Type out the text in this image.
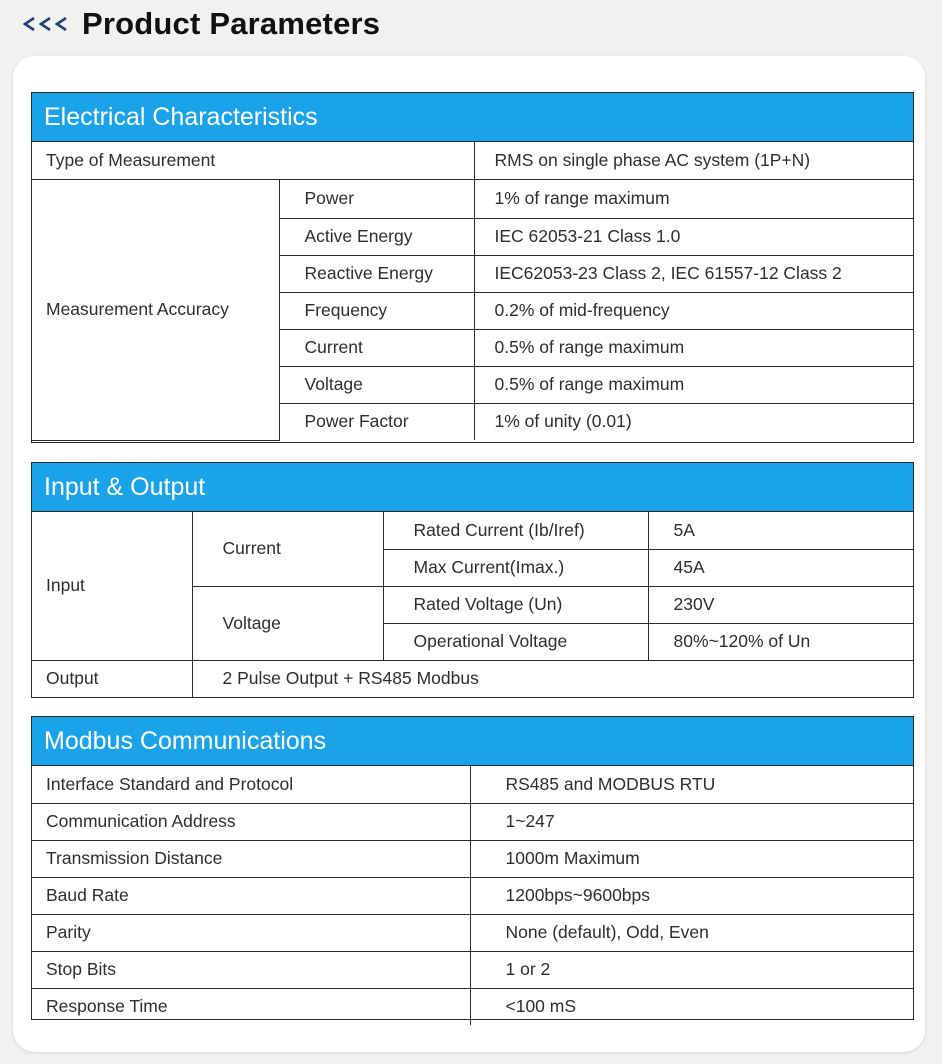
Product Parameters
Electrical Characteristics
Type of Measurement		RMS on single phase AC system (1P+N)
Measurement Accuracy	Power	1% of range maximum
	Active Energy	IEC 62053-21 Class 1.0
	Reactive Energy	IEC62053-23 Class 2, IEC 61557-12 Class 2
	Frequency	0.2% of mid-frequency
	Current	0.5% of range maximum
	Voltage	0.5% of range maximum
	Power Factor	1% of unity (0.01)
Input & Output
Input	Current	Rated Current (Ib/Iref)	5A
		Max Current(Imax.)	45A
	Voltage	Rated Voltage (Un)	230V
		Operational Voltage	80%~120% of Un
Output	2 Pulse Output + RS485 Modbus		
Modbus Communications
Interface Standard and Protocol	RS485 and MODBUS RTU
Communication Address	1~247
Transmission Distance	1000m Maximum
Baud Rate	1200bps~9600bps
Parity	None (default), Odd, Even
Stop Bits	1 or 2
Response Time	<100 mS
